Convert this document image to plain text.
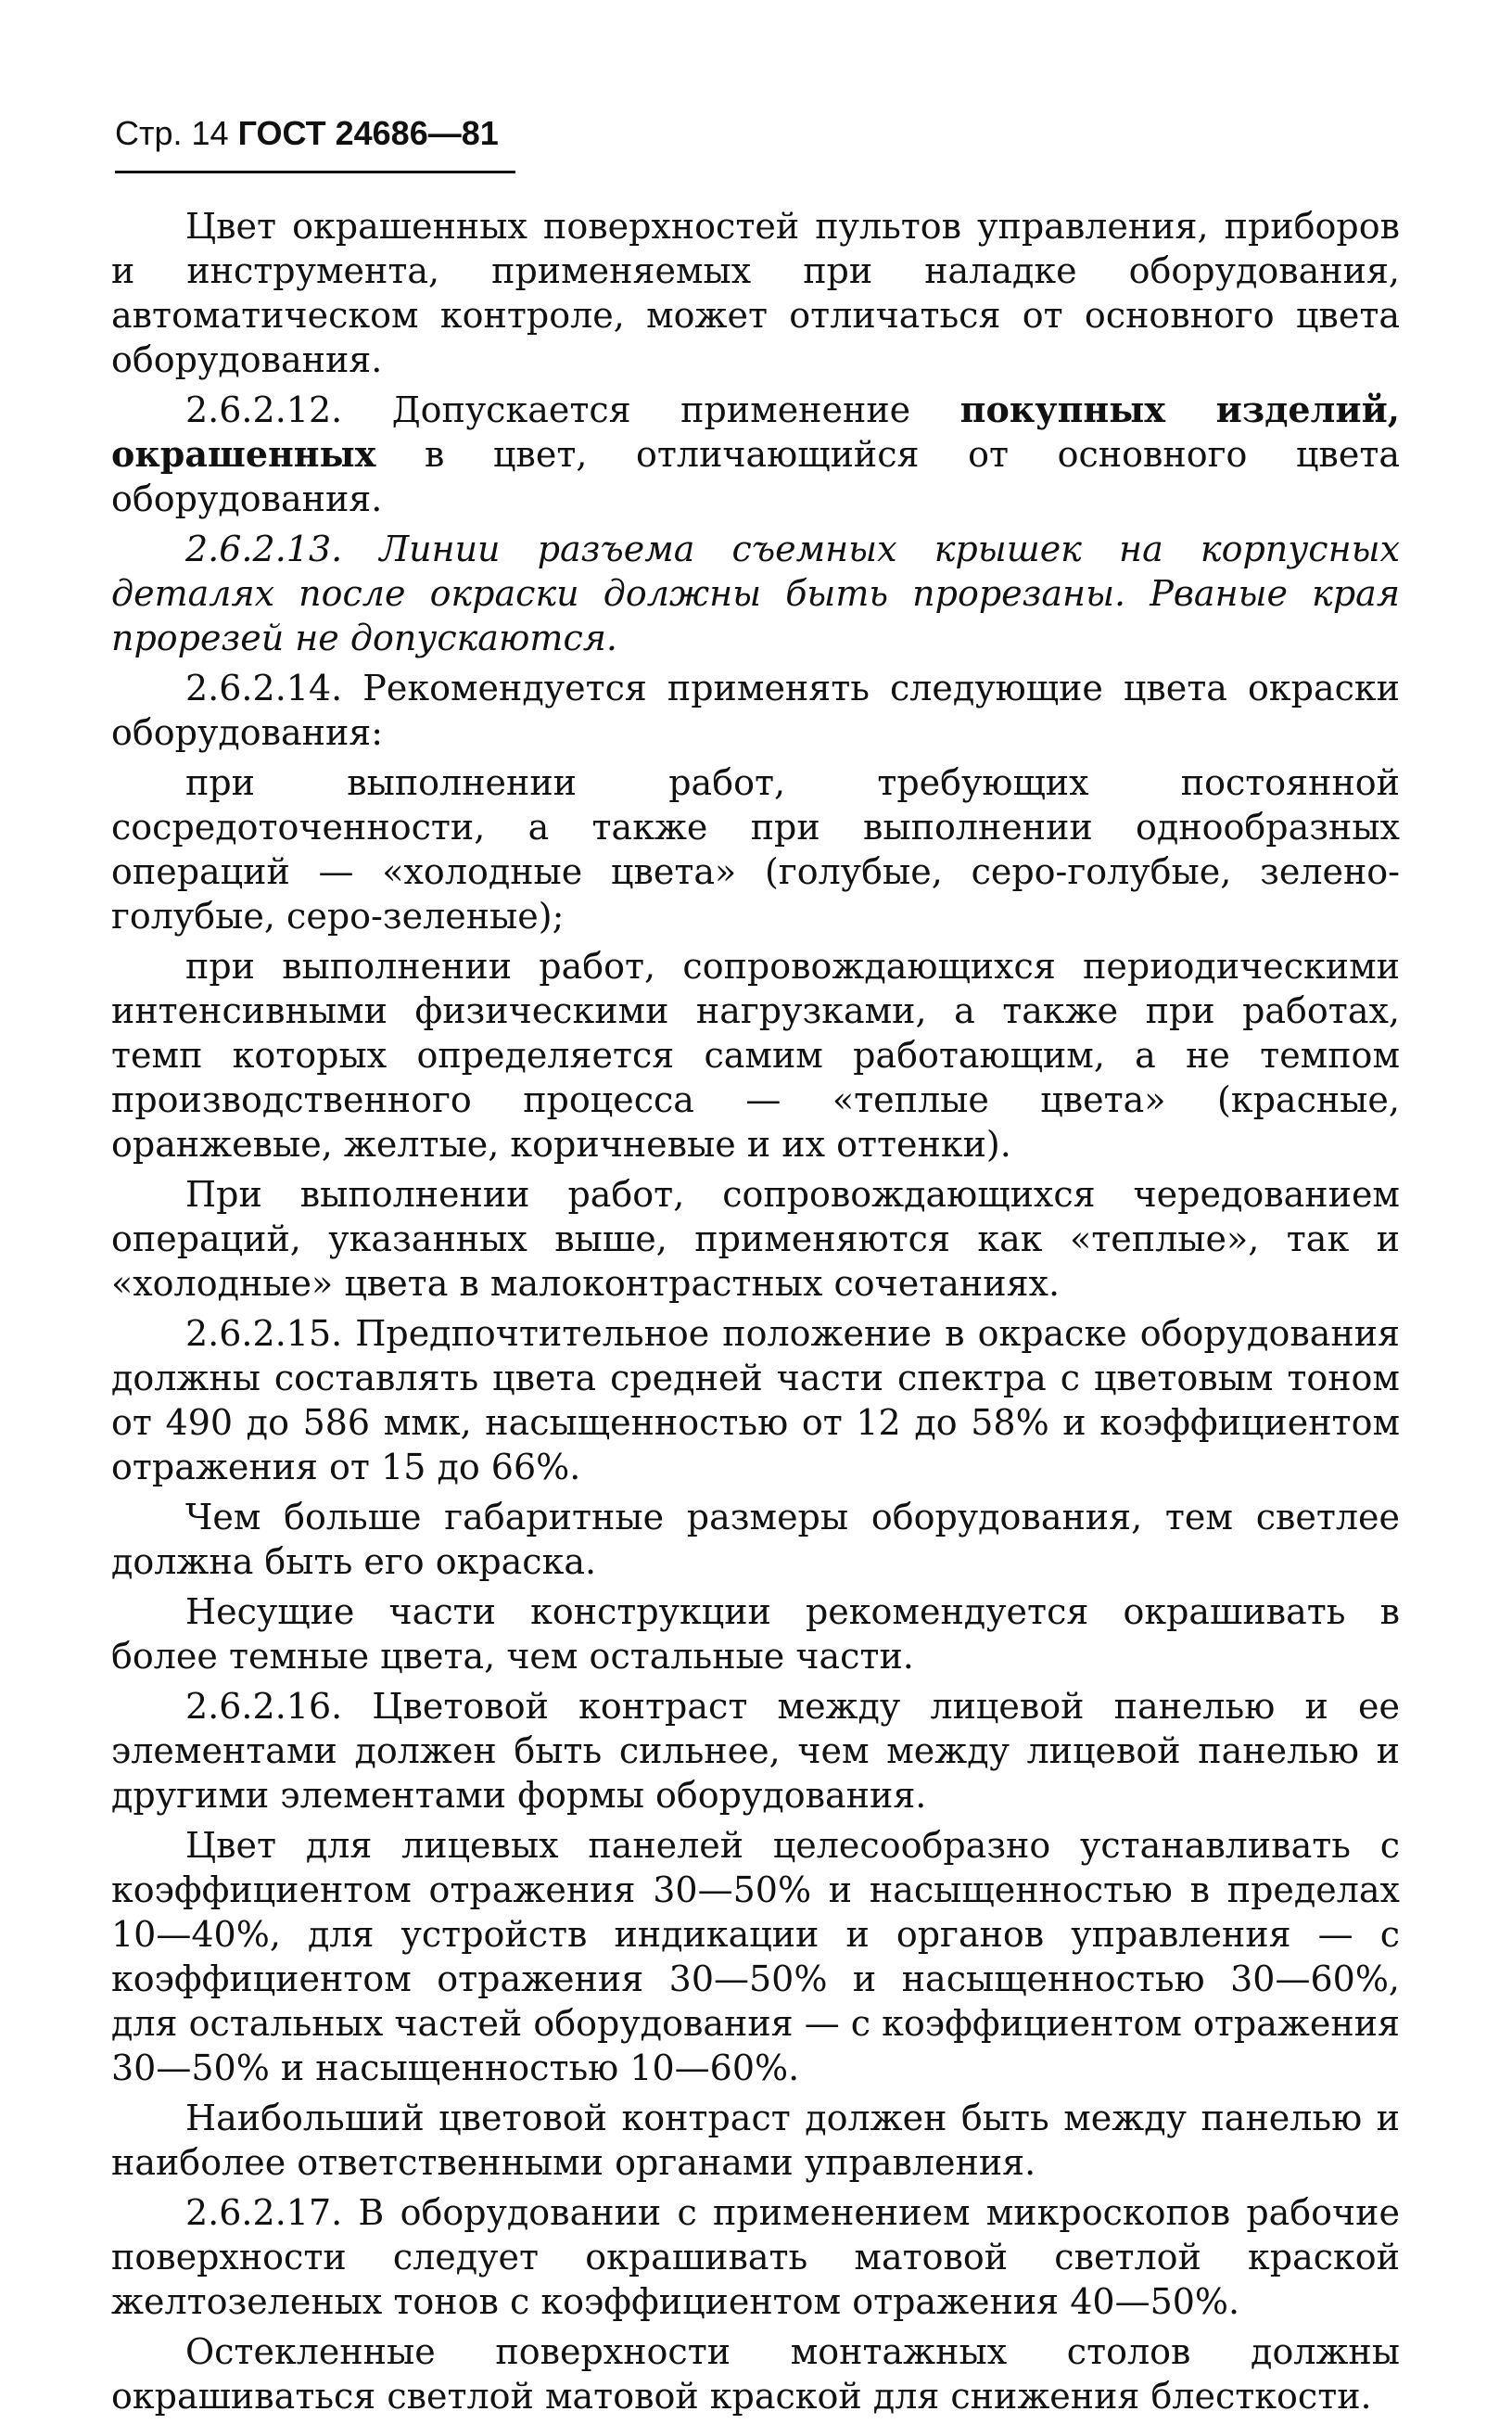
Стр. 14 ГОСТ 24686—81

Цвет окрашенных поверхностей пультов управления, приборов и инструмента, применяемых при наладке оборудования, автоматическом контроле, может отличаться от основного цвета оборудования.

2.6.2.12. Допускается применение покупных изделий, окрашенных в цвет, отличающийся от основного цвета оборудования.

2.6.2.13. Линии разъема съемных крышек на корпусных деталях после окраски должны быть прорезаны. Рваные края прорезей не допускаются.

2.6.2.14. Рекомендуется применять следующие цвета окраски оборудования:

при выполнении работ, требующих постоянной сосредоточенности, а также при выполнении однообразных операций — «холодные цвета» (голубые, серо-голубые, зелено-голубые, серо-зеленые);

при выполнении работ, сопровождающихся периодическими интенсивными физическими нагрузками, а также при работах, темп которых определяется самим работающим, а не темпом производственного процесса — «теплые цвета» (красные, оранжевые, желтые, коричневые и их оттенки).

При выполнении работ, сопровождающихся чередованием операций, указанных выше, применяются как «теплые», так и «холодные» цвета в малоконтрастных сочетаниях.

2.6.2.15. Предпочтительное положение в окраске оборудования должны составлять цвета средней части спектра с цветовым тоном от 490 до 586 ммк, насыщенностью от 12 до 58% и коэффициентом отражения от 15 до 66%.

Чем больше габаритные размеры оборудования, тем светлее должна быть его окраска.

Несущие части конструкции рекомендуется окрашивать в более темные цвета, чем остальные части.

2.6.2.16. Цветовой контраст между лицевой панелью и ее элементами должен быть сильнее, чем между лицевой панелью и другими элементами формы оборудования.

Цвет для лицевых панелей целесообразно устанавливать с коэффициентом отражения 30—50% и насыщенностью в пределах 10—40%, для устройств индикации и органов управления — с коэффициентом отражения 30—50% и насыщенностью 30—60%, для остальных частей оборудования — с коэффициентом отражения 30—50% и насыщенностью 10—60%.

Наибольший цветовой контраст должен быть между панелью и наиболее ответственными органами управления.

2.6.2.17. В оборудовании с применением микроскопов рабочие поверхности следует окрашивать матовой светлой краской желтозеленых тонов с коэффициентом отражения 40—50%.

Остекленные поверхности монтажных столов должны окрашиваться светлой матовой краской для снижения блесткости.
